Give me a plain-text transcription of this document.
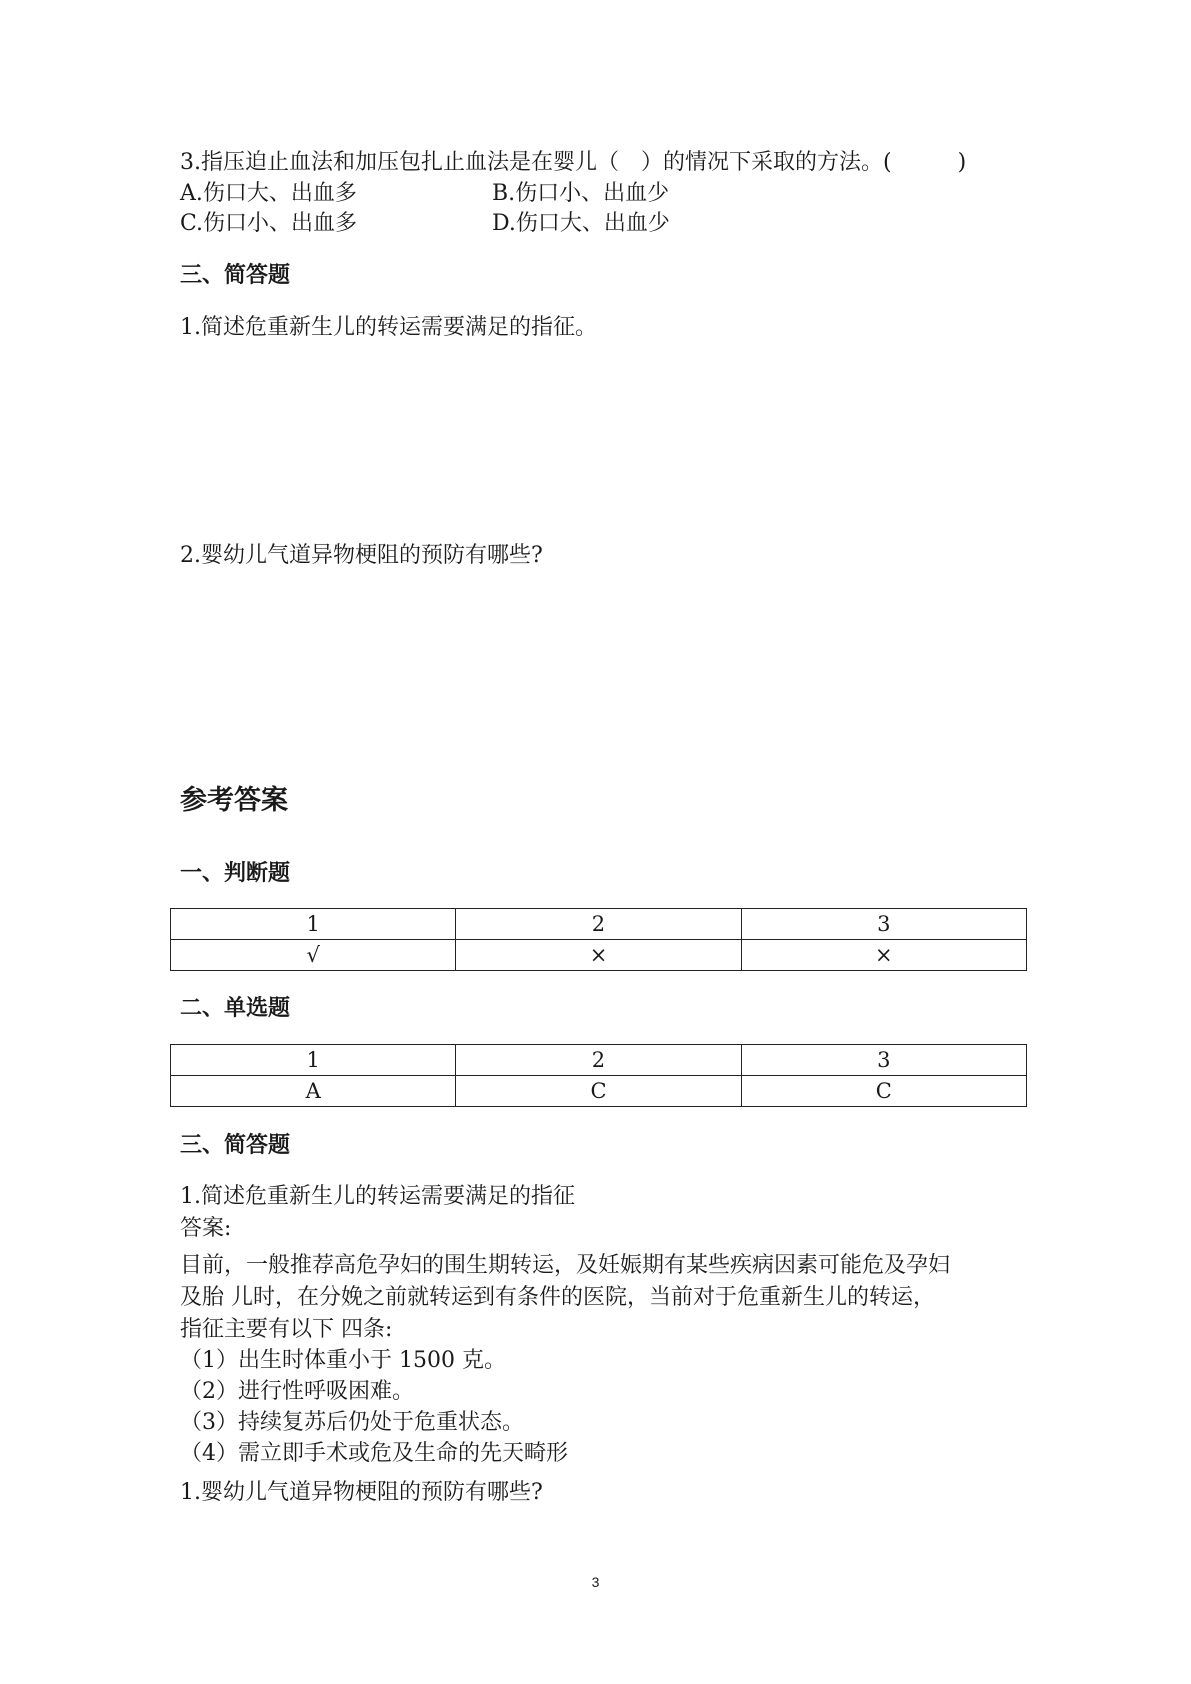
3.指压迫止血法和加压包扎止血法是在婴儿（　）的情况下采取的方法。(　　　)
A.伤口大、出血多	B.伤口小、出血少
C.伤口小、出血多	D.伤口大、出血少
三、简答题
1.简述危重新生儿的转运需要满足的指征。
2.婴幼儿气道异物梗阻的预防有哪些?
参考答案
一、判断题
1	2	3
√	×	×
二、单选题
1	2	3
A	C	C
三、简答题
1.简述危重新生儿的转运需要满足的指征
答案:
目前，一般推荐高危孕妇的围生期转运，及妊娠期有某些疾病因素可能危及孕妇
及胎 儿时，在分娩之前就转运到有条件的医院，当前对于危重新生儿的转运，
指征主要有以下 四条:
（1）出生时体重小于 1500 克。
（2）进行性呼吸困难。
（3）持续复苏后仍处于危重状态。
（4）需立即手术或危及生命的先天畸形
1.婴幼儿气道异物梗阻的预防有哪些?
3
